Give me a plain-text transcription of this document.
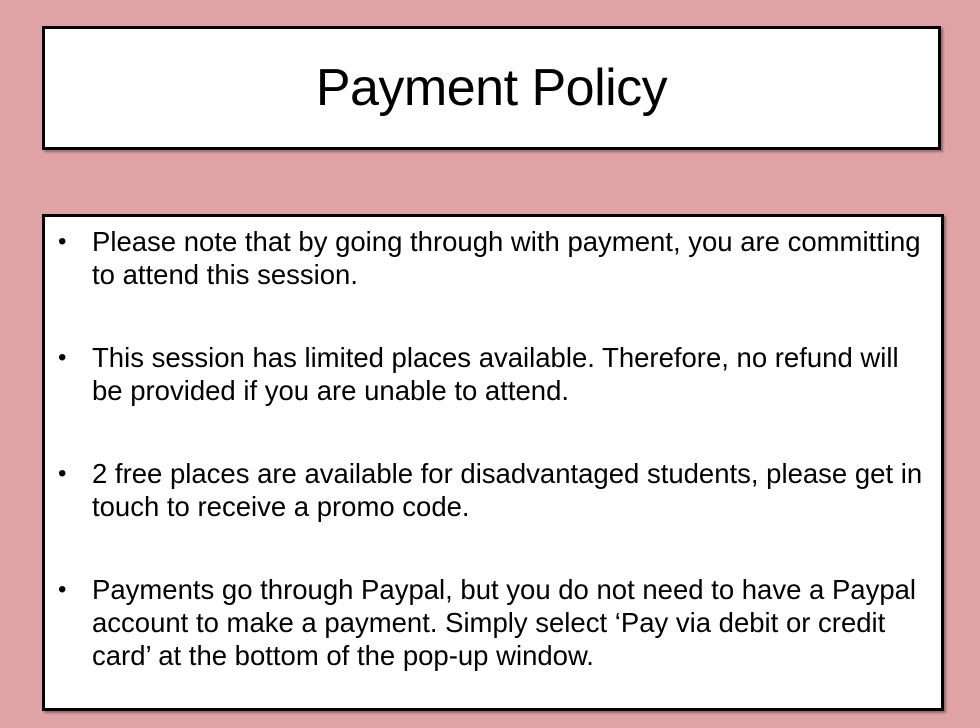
Payment Policy
• Please note that by going through with payment, you are committing to attend this session.
• This session has limited places available. Therefore, no refund will be provided if you are unable to attend.
• 2 free places are available for disadvantaged students, please get in touch to receive a promo code.
• Payments go through Paypal, but you do not need to have a Paypal account to make a payment. Simply select ‘Pay via debit or credit card’ at the bottom of the pop-up window.
